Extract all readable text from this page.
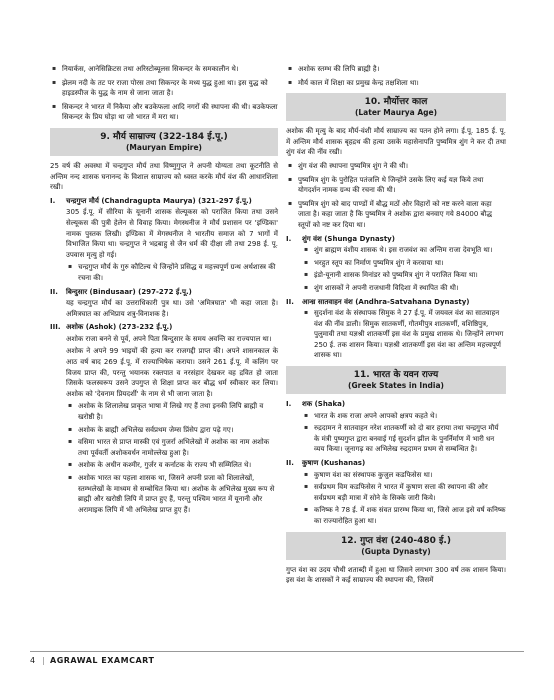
▪ नियार्कस, आनेसिक्रिटस तथा अरिस्टोब्यूलस सिकन्दर के समकालीन थे।
▪ झेलम नदी के तट पर राजा पोरस तथा सिकन्दर के मध्य युद्ध हुआ था। इस युद्ध को हाइडस्पीज के युद्ध के नाम से जाना जाता है।
▪ सिकन्दर ने भारत में निकैया और बउकेफला आदि नगरों की स्थापना की थी। बउकेफला सिकन्दर के प्रिय घोड़ा था जो भारत में मरा था।
9. मौर्य साम्राज्य (322-184 ई.पू.)
(Mauryan Empire)
25 वर्ष की अवस्था में चन्द्रगुप्त मौर्य तथा विष्णुगुप्त ने अपनी योग्यता तथा कूटनीति से अन्तिम नन्द शासक घनानन्द के विशाल साम्राज्य को ध्वस्त करके मौर्य वंश की आधारशिला रखी।
I. चन्द्रगुप्त मौर्य (Chandragupta Maurya) (321-297 ई.पू.)
305 ई.पू. में सीरिया के यूनानी शासक सेल्यूकस को पराजित किया तथा उसने सेल्यूकस की पुत्री हेलेन से विवाह किया। मेगस्थनीज ने मौर्य प्रशासन पर 'इण्डिका' नामक पुस्तक लिखी। इण्डिका में मेगस्थनीज ने भारतीय समाज को 7 भागों में विभाजित किया था। चन्द्रगुप्त ने भद्रबाहु से जैन धर्म की दीक्षा ली तथा 298 ई. पू. उपवास मृत्यु हो गई।
▪ चन्द्रगुप्त मौर्य के गुरु कौटिल्य थे जिन्होंने प्रसिद्ध व महत्त्वपूर्ण ग्रन्थ अर्थशास्त्र की रचना की।
II. बिन्दुसार (Bindusaar) (297-272 ई.पू.)
यह चन्द्रगुप्त मौर्य का उत्तराधिकारी पुत्र था। उसे 'अमित्रघात' भी कहा जाता है। अमित्रघात का अभिप्राय शत्रु-विनाशक है।
III. अशोक (Ashok) (273-232 ई.पू.)
अशोक राजा बनने से पूर्व, अपने पिता बिन्दुसार के समय अवन्ति का राज्यपाल था।
अशोक ने अपने 99 भाइयों की हत्या कर राजगद्दी प्राप्त की। अपने शासनकाल के आठ वर्ष बाद 269 ई.पू. में राज्याभिषेक कराया। उसने 261 ई.पू. में कलिंग पर विजय प्राप्त की, परन्तु भयानक रक्तपात व नरसंहार देखकर वह द्रवित हो जाता जिसके फलस्वरूप उसने उपगुप्त से शिक्षा प्राप्त कर बौद्ध धर्म स्वीकार कर लिया। अशोक को 'देवनाम प्रियदर्शी' के नाम से भी जाना जाता है।
▪ अशोक के शिलालेख प्राकृत भाषा में लिखे गए हैं तथा इनकी लिपि ब्राह्मी व खरोष्ठी है।
▪ अशोक के ब्राह्मी अभिलेख सर्वप्रथम जेम्स प्रिंसेप द्वारा पढ़े गए।
▪ वसिमा भारत से प्राप्त मास्की एवं गुजर्रा अभिलेखों में अशोक का नाम अशोक तथा पूर्ववर्ती अशोकवर्धन नामोल्लेख हुआ है।
▪ अशोक के अधीन कश्मीर, गुर्जर व कर्नाटक के राज्य भी सम्मिलित थे।
▪ अशोक भारत का पहला शासक था, जिसने अपनी प्रजा को शिलालेखों, स्तम्भलेखों के माध्यम से सम्बोधित किया था। अशोक के अभिलेख मुख्य रूप से ब्राह्मी और खरोष्ठी लिपि में प्राप्त हुए हैं, परन्तु पश्चिम भारत में यूनानी और अरामाइक लिपि में भी अभिलेख प्राप्त हुए हैं।
▪ अशोक स्तम्भ की लिपि ब्राह्मी है।
▪ मौर्य काल में शिक्षा का प्रमुख केन्द्र तक्षशिला था।
10. मौर्योत्तर काल
(Later Maurya Age)
अशोक की मृत्यु के बाद मौर्य-वंशी मौर्य साम्राज्य का पतन होने लगा। ई.पू. 185 ई. पू. में अन्तिम मौर्य शासक बृहद्रथ की हत्या उसके महासेनापति पुष्यमित्र शुंग ने कर दी तथा शुंग वंश की नींव रखी।
▪ शुंग वंश की स्थापना पुष्यमित्र शुंग ने की थी।
▪ पुष्यमित्र शुंग के पुरोहित पतंजलि थे जिन्होंने उसके लिए कई यज्ञ किये तथा योगदर्शन नामक ग्रन्थ की रचना की थी।
▪ पुष्यमित्र शुंग को बाद पाण्डों में बौद्ध मठों और विहारों को नष्ट करने वाला कहा जाता है। कहा जाता है कि पुष्यमित्र ने अशोक द्वारा बनवाए गये 84000 बौद्ध स्तूपों को नष्ट कर दिया था।
I. शुंग वंश (Shunga Dynasty)
▪ शुंग ब्राह्मण वंशीय शासक थे। इस राजवंश का अन्तिम राजा देवभूति था।
▪ भरहुत स्तूप का निर्माण पुष्यमित्र शुंग ने करवाया था।
▪ इंडो-यूनानी शासक मिनांडर को पुष्यमित्र शुंग ने पराजित किया था।
▪ शुंग शासकों ने अपनी राजधानी विदिशा में स्थापित की थी।
II. आन्ध्र सातवाहन वंश (Andhra-Satvahana Dynasty)
▪ सुदर्शना वंश के संस्थापक सिमुक ने 27 ई.पू. में जयवल वंश का सातवाहन वंश की नींव डाली। सिमुक सातकर्णी, गौतमीपुत्र शातकर्णी, वशिष्ठिपुत्र, पुलुमावी तथा यज्ञश्री शातकर्णी इस वंश के प्रमुख शासक थे। जिन्होंने लगभग 250 ई. तक शासन किया। यज्ञश्री शातकर्णी इस वंश का अन्तिम महत्त्वपूर्ण शासक था।
11. भारत के यवन राज्य
(Greek States in India)
I. शक (Shaka)
▪ भारत के शक राजा अपने आपको क्षत्रप कहते थे।
▪ रुद्रदामन ने सातवाहन नरेश शातकर्णी को दो बार हराया तथा चन्द्रगुप्त मौर्य के मंत्री पुष्यगुप्त द्वारा बनवाई गई सुदर्शन झील के पुनर्निर्माण में भारी धन व्यय किया। जूनागढ़ का अभिलेख रुद्रदामन प्रथम से सम्बन्धित है।
II. कुषाण (Kushanas)
▪ कुषाण वंश का संस्थापक कुजुल कडफिसेस था।
▪ सर्वप्रथम विम कडफिसेस ने भारत में कुषाण सत्ता की स्थापना की और सर्वप्रथम बड़ी मात्रा में सोने के सिक्के जारी किये।
▪ कनिष्क ने 78 ई. में शक संवत प्रारम्भ किया था, जिसे आज इसे वर्ष कनिष्क का राज्यारोहित हुआ था।
12. गुप्त वंश (240-480 ई.)
(Gupta Dynasty)
गुप्त वंश का उदय चौथी शताब्दी में हुआ था जिसने लगभग 300 वर्ष तक शासन किया। इस वंश के शासकों ने कई साम्राज्य की स्थापना की, जिसमें
4 | AGRAWAL EXAMCART
